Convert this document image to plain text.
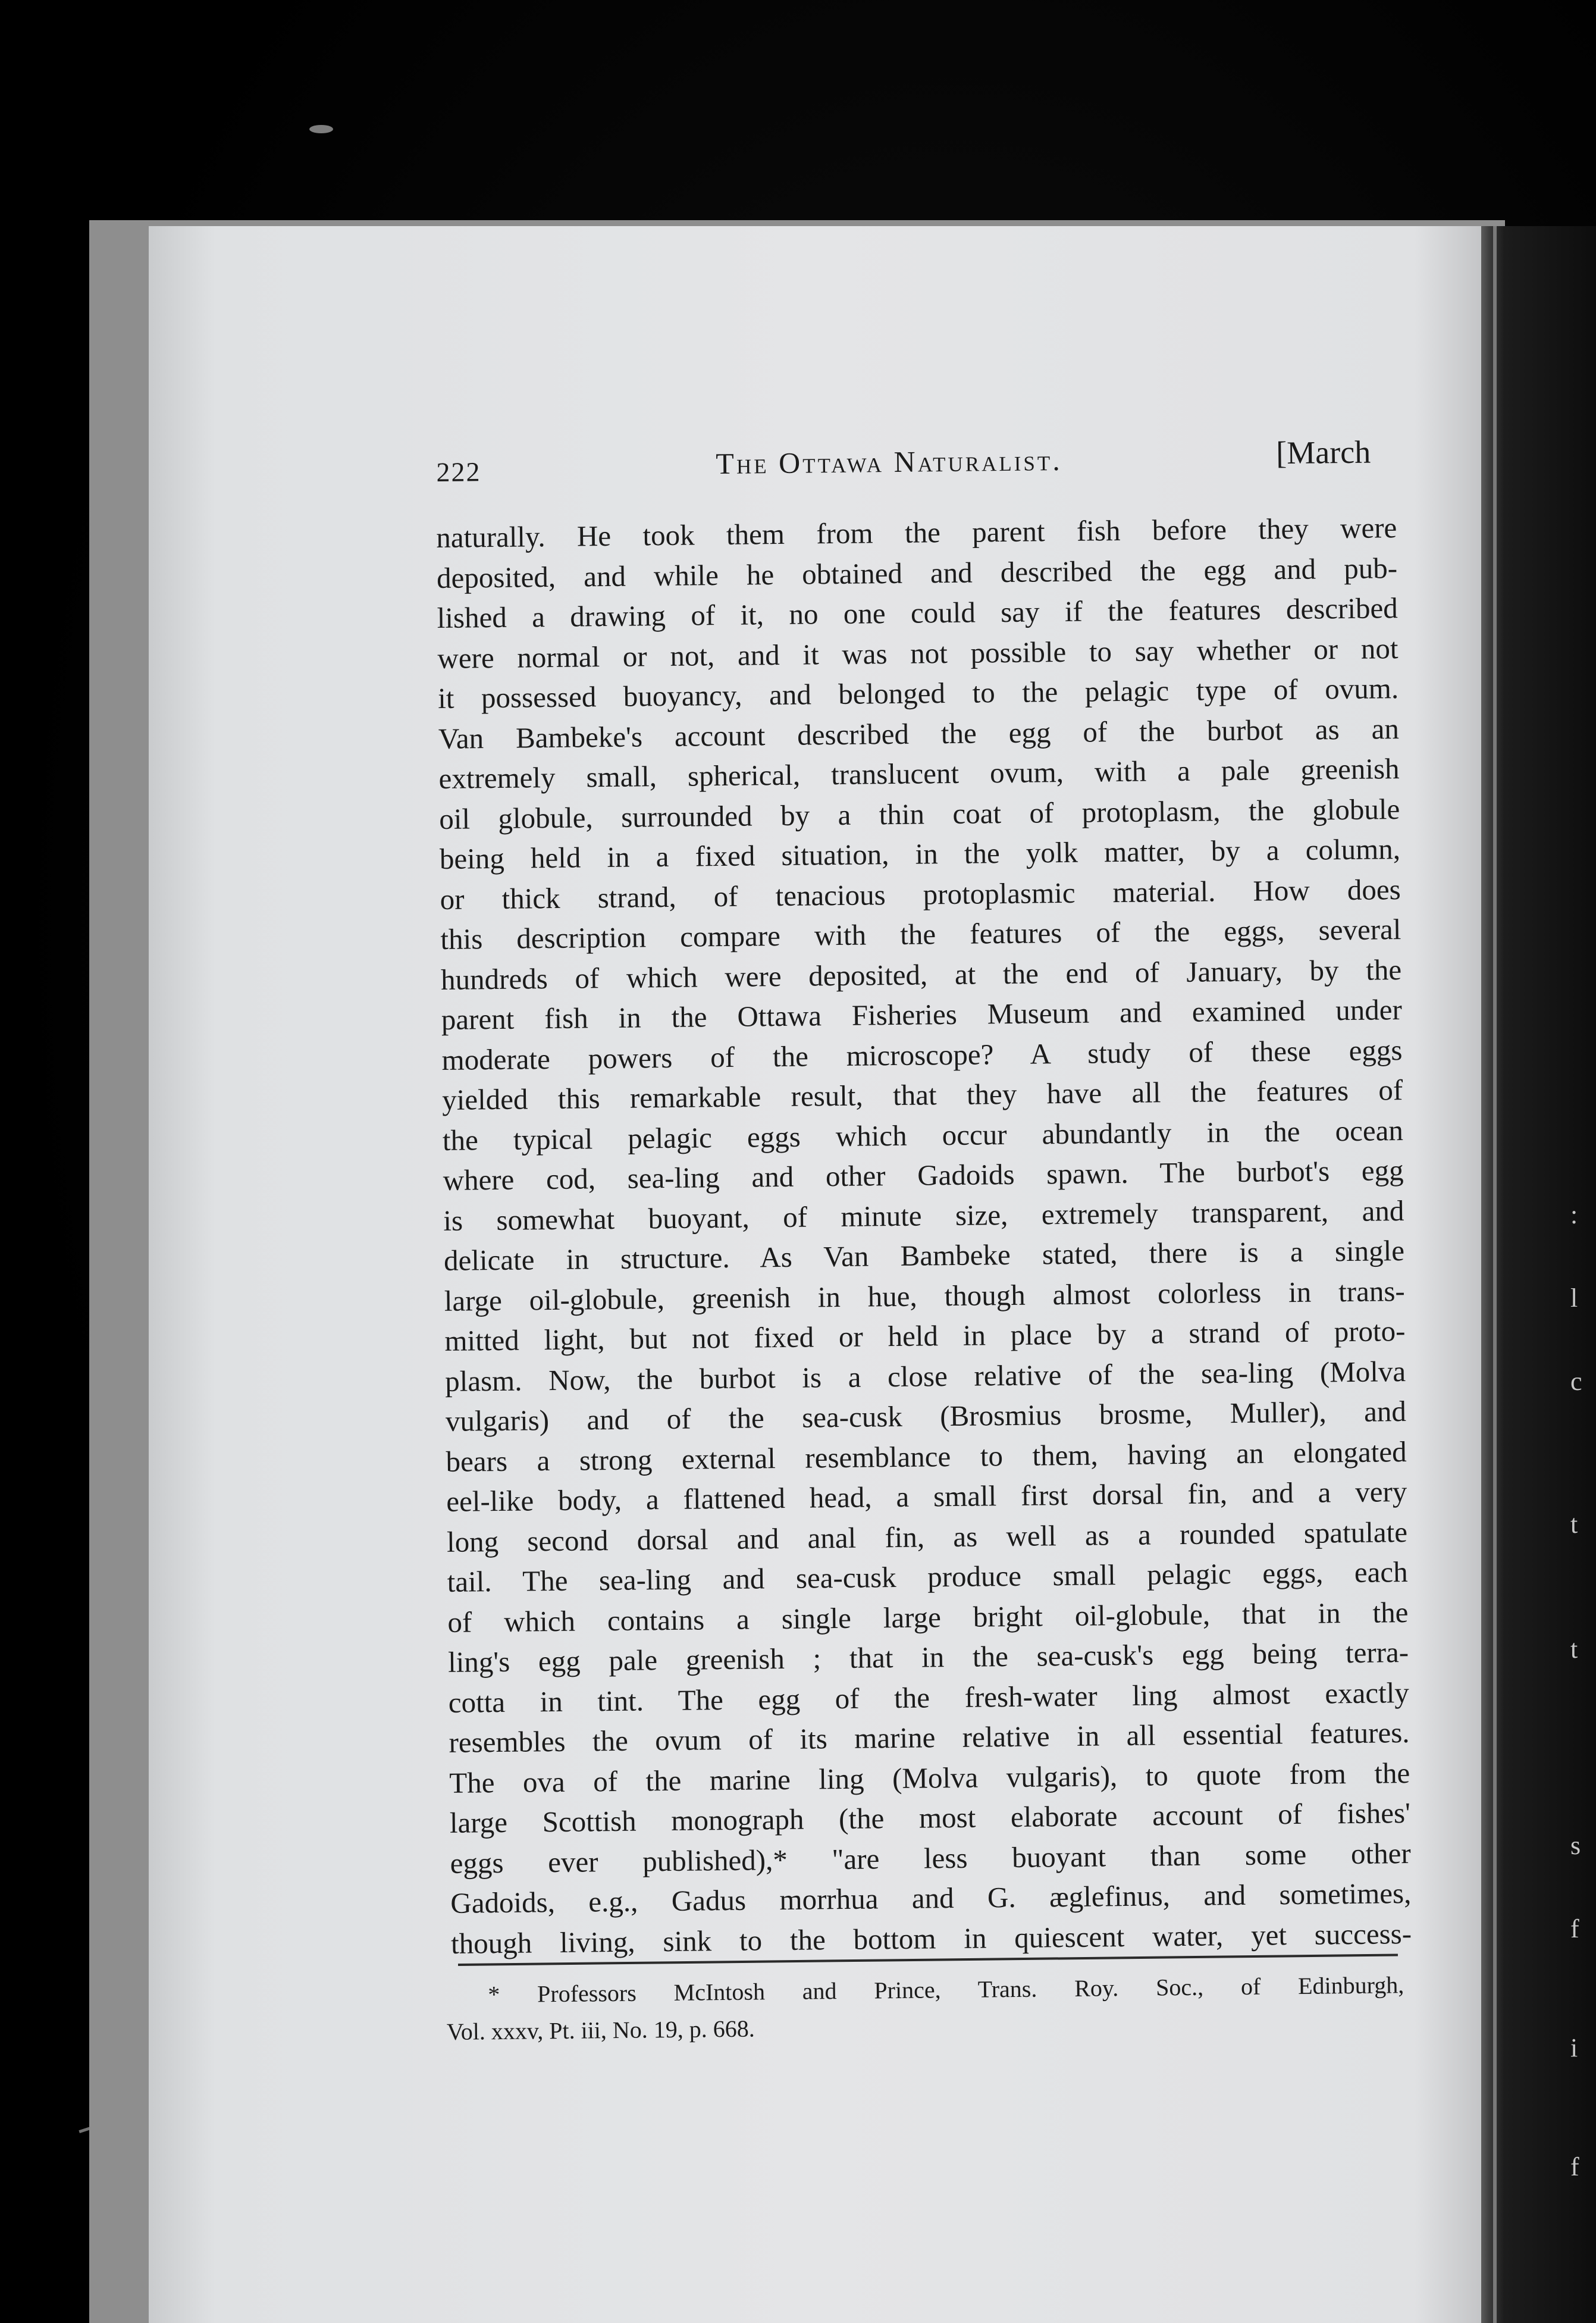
:
l
c
t
t
s
f
i
f
222	The Ottawa Naturalist.	[March
naturally. He took them from the parent fish before they were
deposited, and while he obtained and described the egg and pub-
lished a drawing of it, no one could say if the features described
were normal or not, and it was not possible to say whether or not
it possessed buoyancy, and belonged to the pelagic type of ovum.
Van Bambeke's account described the egg of the burbot as an
extremely small, spherical, translucent ovum, with a pale greenish
oil globule, surrounded by a thin coat of protoplasm, the globule
being held in a fixed situation, in the yolk matter, by a column,
or thick strand, of tenacious protoplasmic material. How does
this description compare with the features of the eggs, several
hundreds of which were deposited, at the end of January, by the
parent fish in the Ottawa Fisheries Museum and examined under
moderate powers of the microscope? A study of these eggs
yielded this remarkable result, that they have all the features of
the typical pelagic eggs which occur abundantly in the ocean
where cod, sea-ling and other Gadoids spawn. The burbot's egg
is somewhat buoyant, of minute size, extremely transparent, and
delicate in structure. As Van Bambeke stated, there is a single
large oil-globule, greenish in hue, though almost colorless in trans-
mitted light, but not fixed or held in place by a strand of proto-
plasm. Now, the burbot is a close relative of the sea-ling (Molva
vulgaris) and of the sea-cusk (Brosmius brosme, Muller), and
bears a strong external resemblance to them, having an elongated
eel-like body, a flattened head, a small first dorsal fin, and a very
long second dorsal and anal fin, as well as a rounded spatulate
tail. The sea-ling and sea-cusk produce small pelagic eggs, each
of which contains a single large bright oil-globule, that in the
ling's egg pale greenish ; that in the sea-cusk's egg being terra-
cotta in tint. The egg of the fresh-water ling almost exactly
resembles the ovum of its marine relative in all essential features.
The ova of the marine ling (Molva vulgaris), to quote from the
large Scottish monograph (the most elaborate account of fishes'
eggs ever published),* "are less buoyant than some other
Gadoids, e.g., Gadus morrhua and G. æglefinus, and sometimes,
though living, sink to the bottom in quiescent water, yet success-
* Professors McIntosh and Prince, Trans. Roy. Soc., of Edinburgh,
Vol. xxxv, Pt. iii, No. 19, p. 668.
